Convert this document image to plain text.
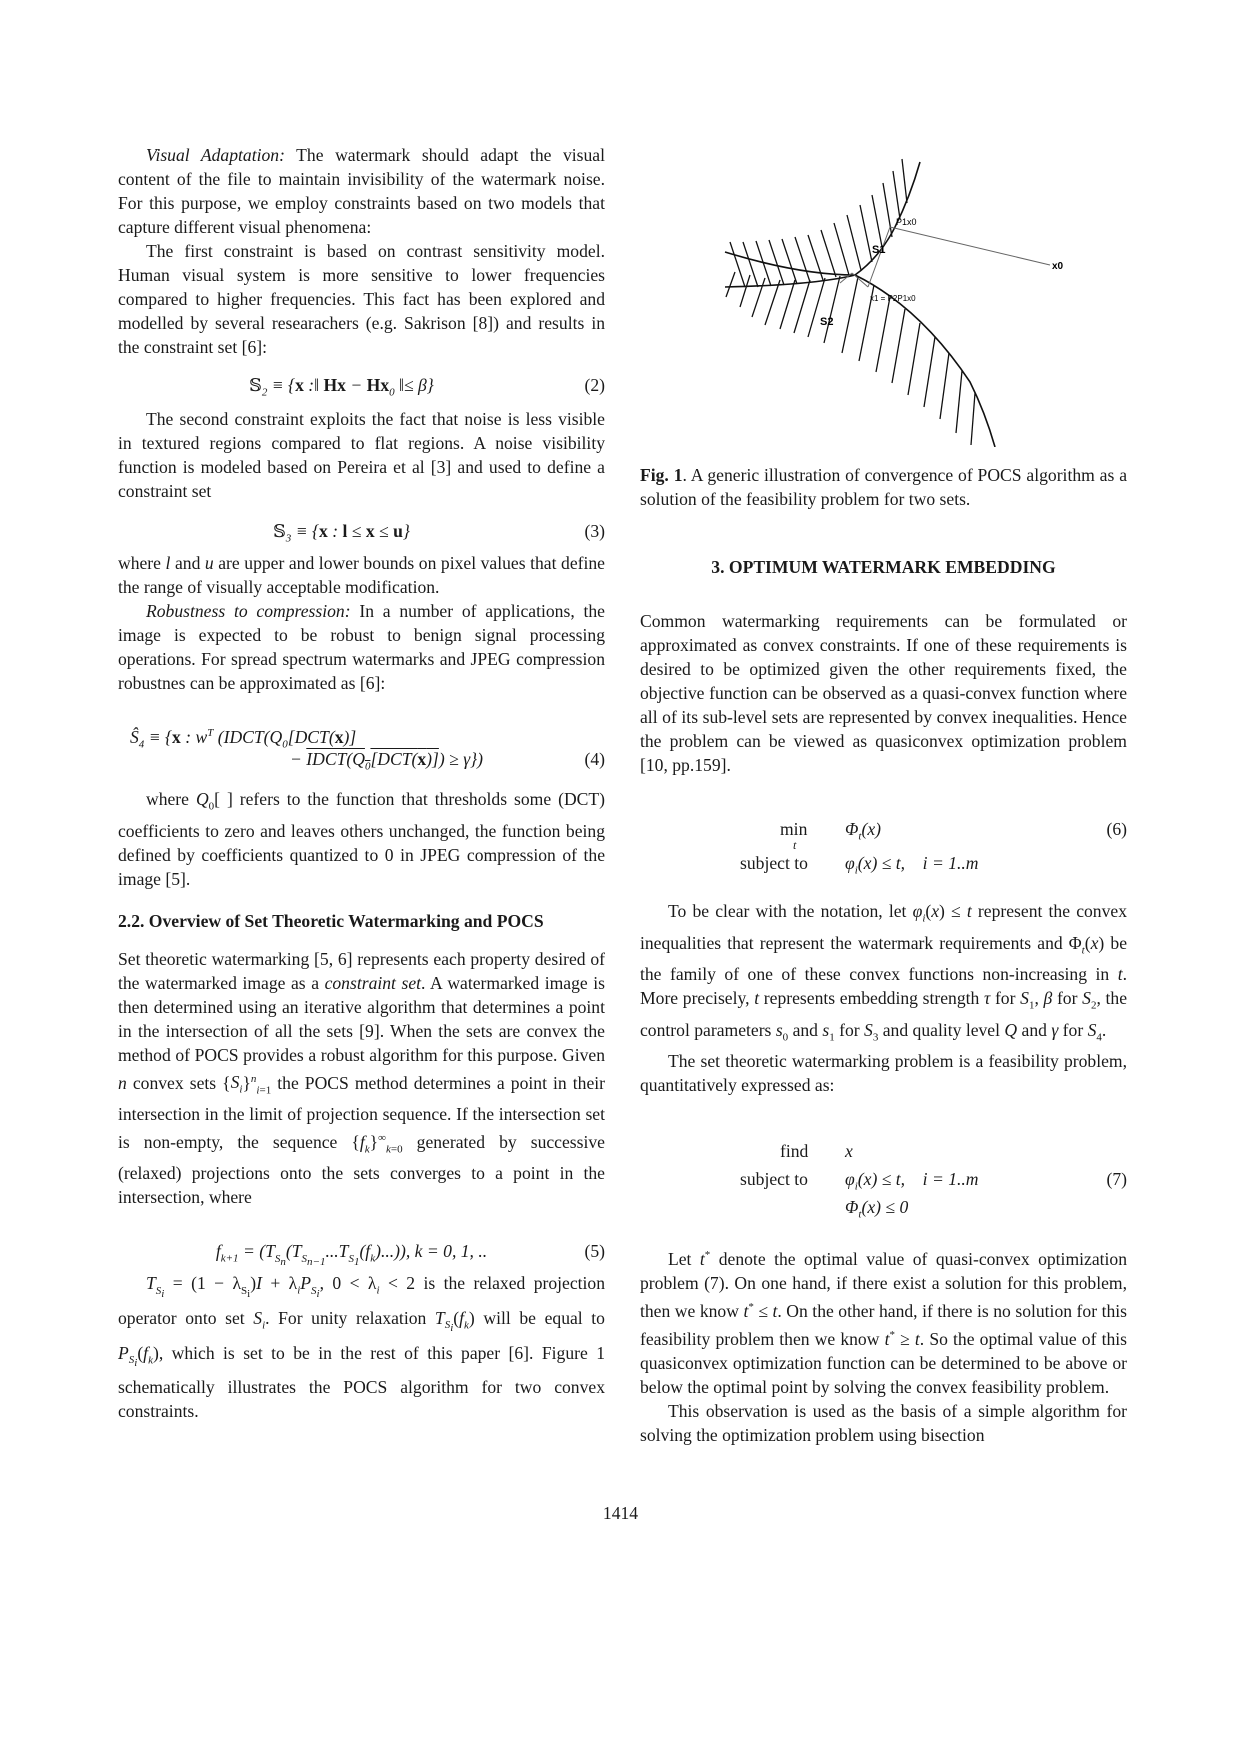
Visual Adaptation: The watermark should adapt the visual content of the file to maintain invisibility of the watermark noise. For this purpose, we employ constraints based on two models that capture different visual phenomena:

The first constraint is based on contrast sensitivity model. Human visual system is more sensitive to lower frequencies compared to higher frequencies. This fact has been explored and modelled by several researachers (e.g. Sakrison [8]) and results in the constraint set [6]:

𝕊$_2$ ≡ {x :‖ $Hx - Hx_0$ ‖≤ β}	(2)

The second constraint exploits the fact that noise is less visible in textured regions compared to flat regions. A noise visibility function is modeled based on Pereira et al [3] and used to define a constraint set

𝕊$_3$ ≡ {x : l ≤ x ≤ u}	(3)

where l and u are upper and lower bounds on pixel values that define the range of visually acceptable modification.

Robustness to compression: In a number of applications, the image is expected to be robust to benign signal processing operations. For spread spectrum watermarks and JPEG compression robustnes can be approximated as [6]:

$Ŝ_4 \equiv \{x$ : $w^T$ ($IDCT(Q_0[DCT(x)]$
− $IDCT(Q_0[DCT(x)]) \ge \gamma$})	(4)

where $Q_0$[ ] refers to the function that thresholds some (DCT) coefficients to zero and leaves others unchanged, the function being defined by coefficients quantized to 0 in JPEG compression of the image [5].

2.2. Overview of Set Theoretic Watermarking and POCS

Set theoretic watermarking [5, 6] represents each property desired of the watermarked image as a constraint set. A watermarked image is then determined using an iterative algorithm that determines a point in the intersection of all the sets [9]. When the sets are convex the method of POCS provides a robust algorithm for this purpose. Given n convex sets $\{S_i\}^n_{i=1}$ the POCS method determines a point in their intersection in the limit of projection sequence. If the intersection set is non-empty, the sequence $\{f_k\}^\infty_{k=0}$ generated by successive (relaxed) projections onto the sets converges to a point in the intersection, where

$f_{k+1} = (T_{S_n}(T_{S_{n-1}}...T_{S_1}(f_k)...))$, k = 0, 1, ..	(5)

$T_{S_i} = (1 - \lambda_{S_i})I + \lambda_iP_{S_i}$, $0 < \lambda_i < 2$ is the relaxed projection operator onto set $S_i$. For unity relaxation $T_{S_i}(f_k)$ will be equal to $P_{S_i}(f_k)$, which is set to be in the rest of this paper [6]. Figure 1 schematically illustrates the POCS algorithm for two convex constraints.

S1
S2
x0
P1x0
x1 = P2P1x0

Fig. 1. A generic illustration of convergence of POCS algorithm as a solution of the feasibility problem for two sets.

3. OPTIMUM WATERMARK EMBEDDING

Common watermarking requirements can be formulated or approximated as convex constraints. If one of these requirements is desired to be optimized given the other requirements fixed, the objective function can be observed as a quasi-convex function where all of its sub-level sets are represented by convex inequalities. Hence the problem can be viewed as quasiconvex optimization problem [10, pp.159].

min
t
$\Phi_t(x)$	(6)
subject to $\varphi_i(x) \le t$,    i = 1..m

To be clear with the notation, let $\varphi_i(x) \le t$ represent the convex inequalities that represent the watermark requirements and $\Phi_t(x)$ be the family of one of these convex functions non-increasing in t. More precisely, t represents embedding strength τ for $S_1$, β for $S_2$, the control parameters $s_0$ and $s_1$ for $S_3$ and quality level Q and γ for $S_4$.

The set theoretic watermarking problem is a feasibility problem, quantitatively expressed as:

find x
subject to $\varphi_i(x) \le t$,    i = 1..m	(7)
$\Phi_t(x) \le 0$

Let t* denote the optimal value of quasi-convex optimization problem (7). On one hand, if there exist a solution for this problem, then we know t* ≤ t. On the other hand, if there is no solution for this feasibility problem then we know t* ≥ t. So the optimal value of this quasiconvex optimization function can be determined to be above or below the optimal point by solving the convex feasibility problem.

This observation is used as the basis of a simple algorithm for solving the optimization problem using bisection

1414
